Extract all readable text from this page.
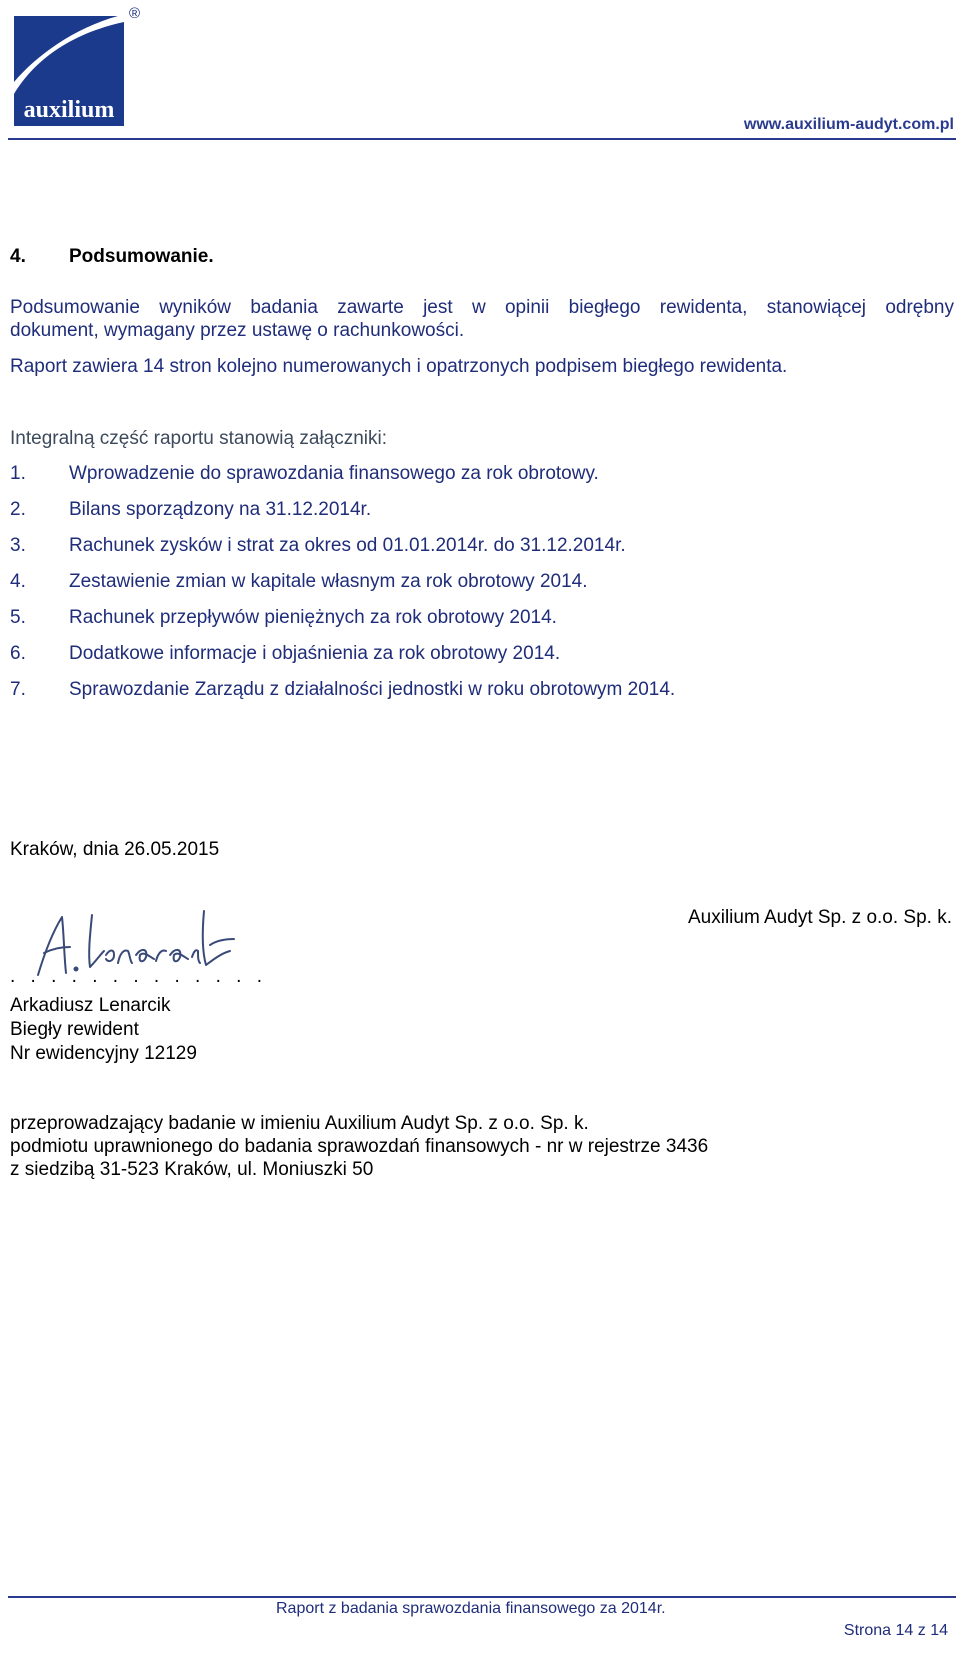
auxilium
®
www.auxilium-audyt.com.pl
4. Podsumowanie.
Podsumowanie wyników badania zawarte jest w opinii biegłego rewidenta, stanowiącej odrębny
dokument, wymagany przez ustawę o rachunkowości.
Raport zawiera 14 stron kolejno numerowanych i opatrzonych podpisem biegłego rewidenta.
Integralną część raportu stanowią załączniki:
1. Wprowadzenie do sprawozdania finansowego za rok obrotowy.
2. Bilans sporządzony na 31.12.2014r.
3. Rachunek zysków i strat za okres od 01.01.2014r. do 31.12.2014r.
4. Zestawienie zmian w kapitale własnym za rok obrotowy 2014.
5. Rachunek przepływów pieniężnych za rok obrotowy 2014.
6. Dodatkowe informacje i objaśnienia za rok obrotowy 2014.
7. Sprawozdanie Zarządu z działalności jednostki w roku obrotowym 2014.
Kraków, dnia 26.05.2015
Auxilium Audyt Sp. z o.o. Sp. k.
. . . . . . . . . . . . .
Arkadiusz Lenarcik
Biegły rewident
Nr ewidencyjny 12129
przeprowadzający badanie w imieniu Auxilium Audyt Sp. z o.o. Sp. k.
podmiotu uprawnionego do badania sprawozdań finansowych - nr w rejestrze 3436
z siedzibą 31-523 Kraków, ul. Moniuszki 50
Raport z badania sprawozdania finansowego za 2014r.
Strona 14 z 14
